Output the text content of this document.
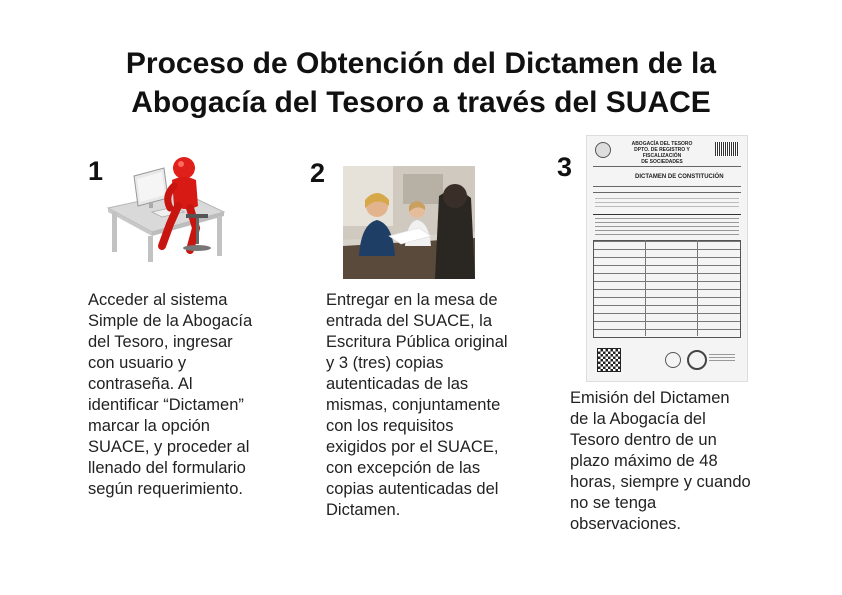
Proceso de Obtención del Dictamen de la
Abogacía del Tesoro a través del SUACE
1
Acceder al sistema
Simple de la Abogacía
del Tesoro, ingresar
con usuario y
contraseña. Al
identificar “Dictamen”
marcar la opción
SUACE, y proceder al
llenado del formulario
según requerimiento.
2
Entregar en la mesa de
entrada del SUACE, la
Escritura Pública original
y 3 (tres) copias
autenticadas de las
mismas, conjuntamente
con los requisitos
exigidos por el SUACE,
con excepción de las
copias autenticadas del
Dictamen.
3
ABOGACÍA DEL TESORO
DPTO. DE REGISTRO Y FISCALIZACIÓN
DE SOCIEDADES
DICTAMEN DE CONSTITUCIÓN
Emisión del Dictamen
de la Abogacía del
Tesoro dentro de un
plazo máximo de 48
horas, siempre y cuando
no se tenga
observaciones.
